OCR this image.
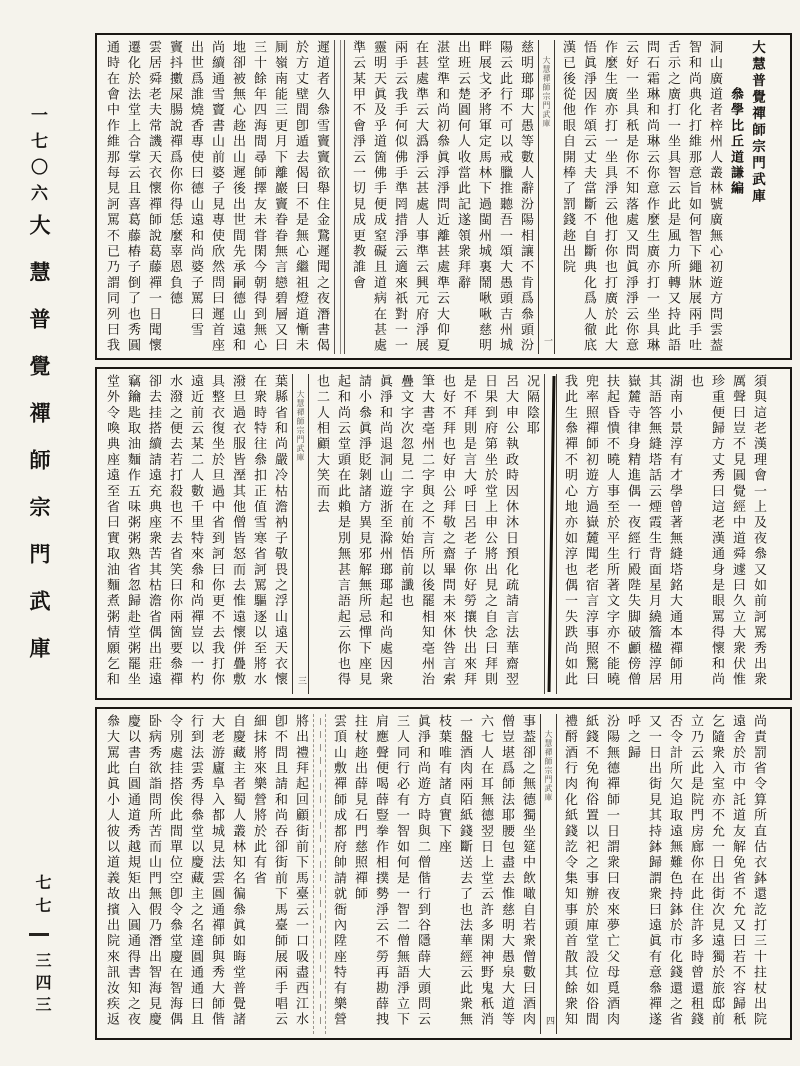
一七〇六
大慧普覺禪師宗門武庫
七七
三四三
大慧普覺禪師宗門武庫
　　　叅學比丘道謙編
洞山廣道者梓州人叢林號廣無心初遊方問雲葢
智和尚典化打維那意旨如何智下繩牀展兩手吐
舌示之廣打一坐具智云此是風力所轉又持此語
問石霜琳和尚琳云你意作麼生廣亦打一坐具琳
云好一坐具秖是你不知落處又問眞淨淨云你意
作麼生廣亦打一坐具淨云他打你也打廣於此大
悟眞淨因作頌云丈夫當斷不自斷典化爲人徹底
漢已後從他眼自開棒了罰錢趂出院
大慧禪師宗門武庫
一
慈明瑯瑘大愚等數人辭汾陽相讓不肯爲叅頭汾
陽云此行不可以戒臘推聽吾一頌大愚頭吉州城
畔展戈矛將軍定馬林下過閩州城裏鬧啾啾慈明
出班云楚圓何人收當此記遂領衆拜辭
湛堂準和尚初叅眞淨淨問近離甚處準云大仰夏
在甚處準云大潙淨云甚處人事準云興元府淨展
兩手云我手何似佛手準罔措淨云適來祇對一一
靈明天眞及乎道箇佛手便成窒礙且道病在甚處
準云某甲不會淨云一切見成更教誰會
遲道者久叅雪竇竇欲舉住金鵞遲聞之夜潛書偈
於方丈壁間卽遁去偈曰不是無心繼祖燈道慚未
厠嶺南能三更月下離巖竇眷眷無言戀碧層又曰
三十餘年四海間尋師擇友未甞閑今朝得到無心
地卻被無心趂出山遲後出世間先承嗣德山遠和
尚續通雪竇書山前婆子見專使欣然問曰遲首座
出世爲誰燒香專使曰德山遠和尚婆子罵曰雪
竇抖擻屎腸說禪爲你你得恁麼辜恩負德
雲居舜老夫常譏天衣懷禪師說葛藤禪一日聞懷
遷化於法堂上合掌云且喜葛藤樁子倒了也秀圓
通時在會中作維那每見訶罵不已乃謂同列曰我
須與這老漢理會一上及夜叅又如前訶罵秀出衆
厲聲曰豈不見圓覺經中道舜遽曰久立大衆伏惟
珍重便歸方丈秀曰這老漢通身是眼罵得懷和尚
也
湖南小景淳有才學曾著無縫塔銘大通本禪師用
其語答無縫塔話云煙霞生背面星月繞簷楹淳居
嶽麓寺律身精進偶一夜經行殿陛失脚破顱傍僧
扶起昏憒不曉人事至於平生所著文字亦不能曉
兜率照禪師初遊方過嶽麓聞老宿言淳事照驚曰
我此生叅禪不明心地亦如淳也偶一失跌尚如此
况隔陰耶
呂大申公執政時因休沐日預化疏請言法華齋翌
日果到府第坐於堂上申公將出見之自念曰拜則
是不拜則是言大呼曰呂老子你好勞攘快出來拜
也好不拜也好申公拜敬之齋畢問未來休咎言索
筆大書亳州二字與之不言所以後罷相知亳州治
疊文字次忽見二字在前始悟前讖也
眞淨和尚退洞山遊浙至滁州瑯瑘起和尚處因衆
請小叅眞淨貶剝諸方異見邪解無所忌憚下座見
起和尚云堂頭在此賴是別無甚言語起云你也得
也二人相顧大笑而去
大慧禪師宗門武庫
三
葉縣省和尚嚴冷枯澹衲子敬畏之浮山遠天衣懷
在衆時特往叅扣正值雪寒省訶罵驅逐以至將水
潑旦過衣服皆溼其他僧皆怒而去惟遠懷併疊敷
具整衣復坐於旦過中省到訶曰你更不去我打你
遠近前云某二人數千里特來叅和尚禪豈以一杓
水潑之便去若打殺也不去省笑曰你兩箇要叅禪
卻去挂搭續請遠充典座衆苦其枯澹省偶出莊遠
竊鑰匙取油麵作五味粥粥熟省忽歸赴堂粥罷坐
堂外令喚典座遠至省曰實取油麵煮粥情願乞和
尚責罰省令算所直估衣鉢還訖打三十拄杖出院
遠舍於市中託道友解免省不允又曰若不容歸秖
乞隨衆入室亦不允一日出街次見遠獨於旅邸前
立乃云此是院門房廊你在此住許多時曾還租錢
否令計所欠追取遠無難色持鉢於市化錢還之省
又一日出街見其持鉢歸謂衆曰遠眞有意叅禪遂
呼之歸
汾陽無德禪師一日謂衆曰夜來夢亡父母覓酒肉
紙錢不免徇俗置以祀之事辦於庫堂設位如俗間
禮酹酒行肉化紙錢訖令集知事頭首散其餘衆知
大慧禪師宗門武庫
四
事葢卻之無德獨坐筵中飲噉自若衆僧數曰酒肉
僧豈堪爲師法耶腰包盡去惟慈明大愚泉大道等
六七人在耳無德翌日上堂云許多閑神野鬼秖消
一盤酒肉兩陌紙錢斷送去了也法華經云此衆無
枝葉唯有諸貞實下座
眞淨和尚遊方時與二僧偕行到谷隱薛大頭問云
三人同行必有一智如何是一智二僧無語淨立下
肩應聲便喝薛豎拳作相撲勢淨云不勞再勘薛拽
拄杖趂出薛見石門慈照禪師
雲頂山敷禪師成都府帥請就衙內陞座特有樂營
將出禮拜起回顧街前下馬臺云一口吸盡西江水
卽不問且請和尚吞卻街前下馬臺師展兩手唱云
細抹將來樂營將於此有省
自慶藏主者蜀人叢林知名徧叅眞如晦堂普覺諸
大老游廬阜入都城見法雲圓通禪師與秀大師偕
行到法雲秀得叅堂以慶藏主之名達圓通通曰且
令別處挂搭俟此間單位空卽令叅堂慶在智海偶
卧病秀欲詣問所苦而山門無假乃潛出智海見慶
慶以書白圓通道秀越規矩出入圓通得書知之夜
叅大罵此眞小人彼以道義故擯出院來訊汝疾返
